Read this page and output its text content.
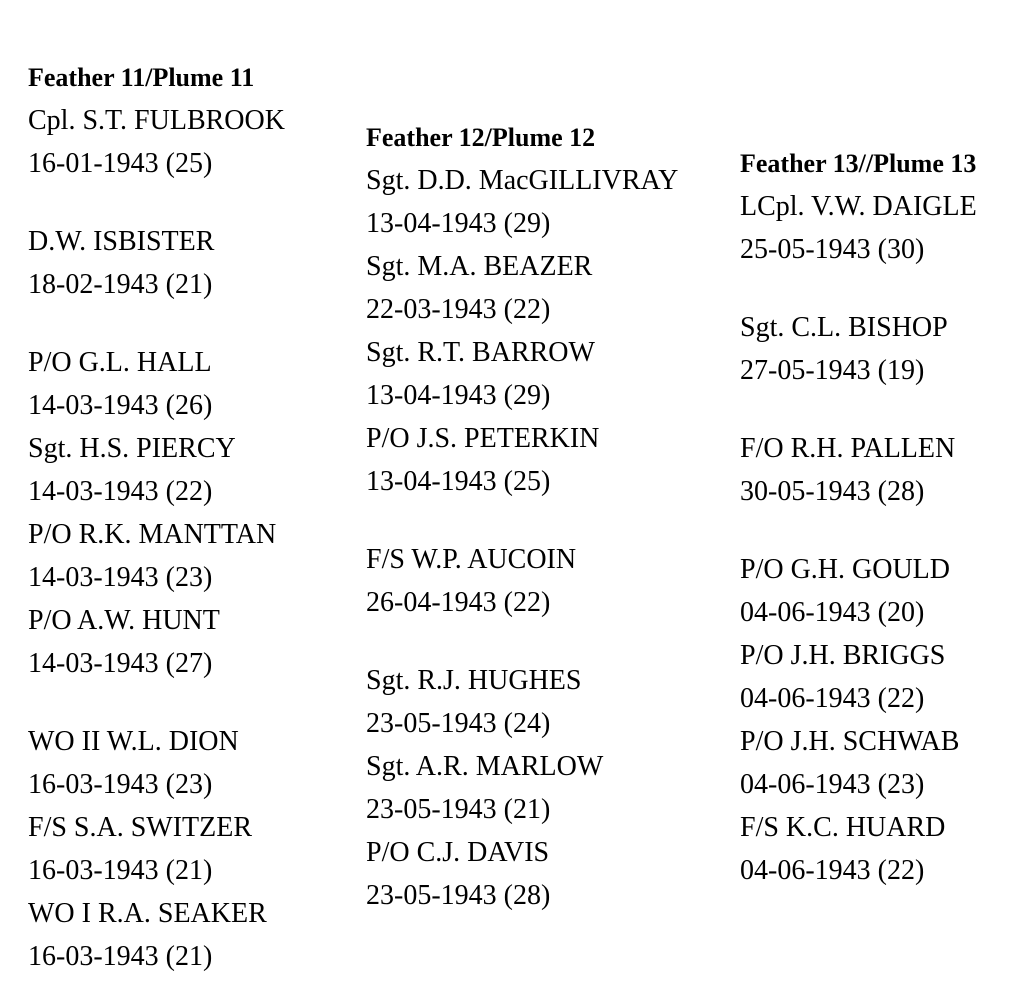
Feather 11/Plume 11
Cpl. S.T. FULBROOK
16-01-1943 (25)
D.W. ISBISTER
18-02-1943 (21)
P/O G.L. HALL
14-03-1943 (26)
Sgt. H.S. PIERCY
14-03-1943 (22)
P/O R.K. MANTTAN
14-03-1943 (23)
P/O A.W. HUNT
14-03-1943 (27)
WO II W.L. DION
16-03-1943 (23)
F/S S.A. SWITZER
16-03-1943 (21)
WO I R.A. SEAKER
16-03-1943 (21)
Feather 12/Plume 12
Sgt. D.D. MacGILLIVRAY
13-04-1943 (29)
Sgt. M.A. BEAZER
22-03-1943 (22)
Sgt. R.T. BARROW
13-04-1943 (29)
P/O J.S. PETERKIN
13-04-1943 (25)
F/S W.P. AUCOIN
26-04-1943 (22)
Sgt. R.J. HUGHES
23-05-1943 (24)
Sgt. A.R. MARLOW
23-05-1943 (21)
P/O C.J. DAVIS
23-05-1943 (28)
Feather 13//Plume 13
LCpl. V.W. DAIGLE
25-05-1943 (30)
Sgt. C.L. BISHOP
27-05-1943 (19)
F/O R.H. PALLEN
30-05-1943 (28)
P/O G.H. GOULD
04-06-1943 (20)
P/O J.H. BRIGGS
04-06-1943 (22)
P/O J.H. SCHWAB
04-06-1943 (23)
F/S K.C. HUARD
04-06-1943 (22)
